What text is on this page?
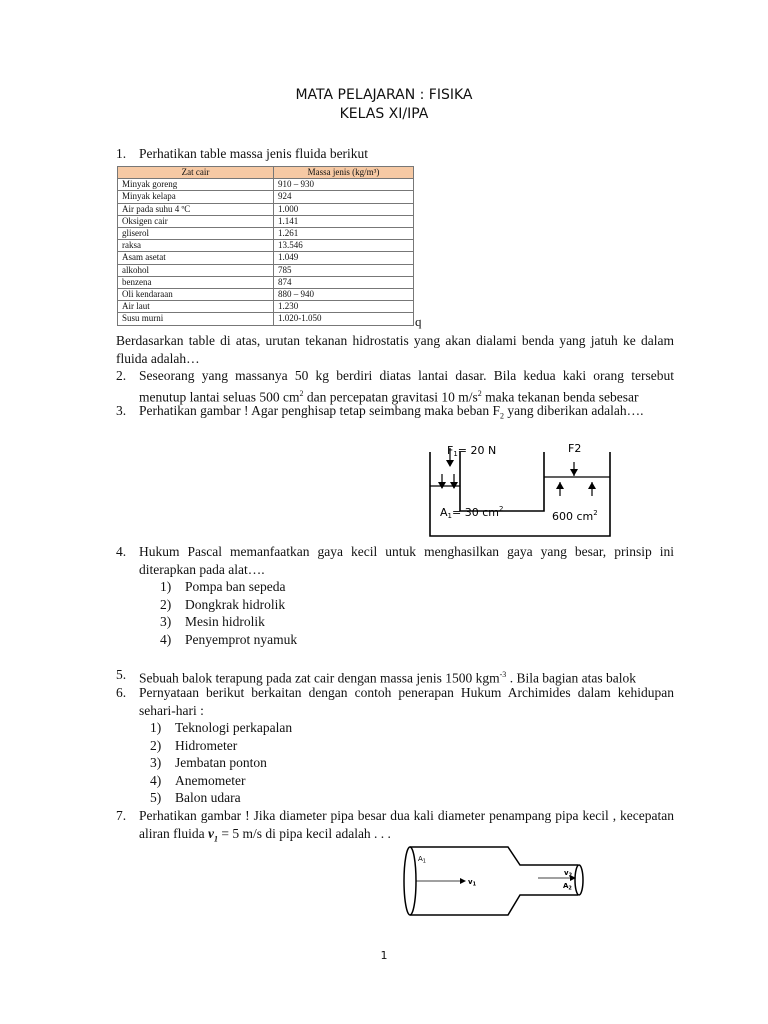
MATA PELAJARAN : FISIKA
KELAS XI/IPA
1. Perhatikan table massa jenis fluida berikut
Zat cair	Massa jenis (kg/m³)
Minyak goreng	910 – 930
Minyak kelapa	924
Air pada suhu 4 ºC	1.000
Oksigen cair	1.141
gliserol	1.261
raksa	13.546
Asam asetat	1.049
alkohol	785
benzena	874
Oli kendaraan	880 – 940
Air laut	1.230
Susu murni	1.020-1.050	q
Berdasarkan table di atas, urutan tekanan hidrostatis yang akan dialami benda yang jatuh ke dalam fluida adalah…
2. Seseorang yang massanya 50 kg berdiri diatas lantai dasar. Bila kedua kaki orang tersebut menutup lantai seluas 500 $cm^2$ dan percepatan gravitasi 10 $m/s^2$ maka tekanan benda sebesar
3. Perhatikan gambar ! Agar penghisap tetap seimbang maka beban $F_2$ yang diberikan adalah….
F1= 20 N	F2
A1= 30 $cm^2$
600 $cm^2$
4. Hukum Pascal memanfaatkan gaya kecil untuk menghasilkan gaya yang besar, prinsip ini diterapkan pada alat….
1) Pompa ban sepeda
2) Dongkrak hidrolik
3) Mesin hidrolik
4) Penyemprot nyamuk
5. Sebuah balok terapung pada zat cair dengan massa jenis 1500 kgm$^{-3}$ . Bila bagian atas balok
6. Pernyataan berikut berkaitan dengan contoh penerapan Hukum Archimides dalam kehidupan sehari-hari :
1) Teknologi perkapalan
2) Hidrometer
3) Jembatan ponton
4) Anemometer
5) Balon udara
7. Perhatikan gambar ! Jika diameter pipa besar dua kali diameter penampang pipa kecil , kecepatan aliran fluida $v_1 = 5$ m/s di pipa kecil adalah . . .
$A_1$
$v_1$
$v_2$
$A_2$
1
